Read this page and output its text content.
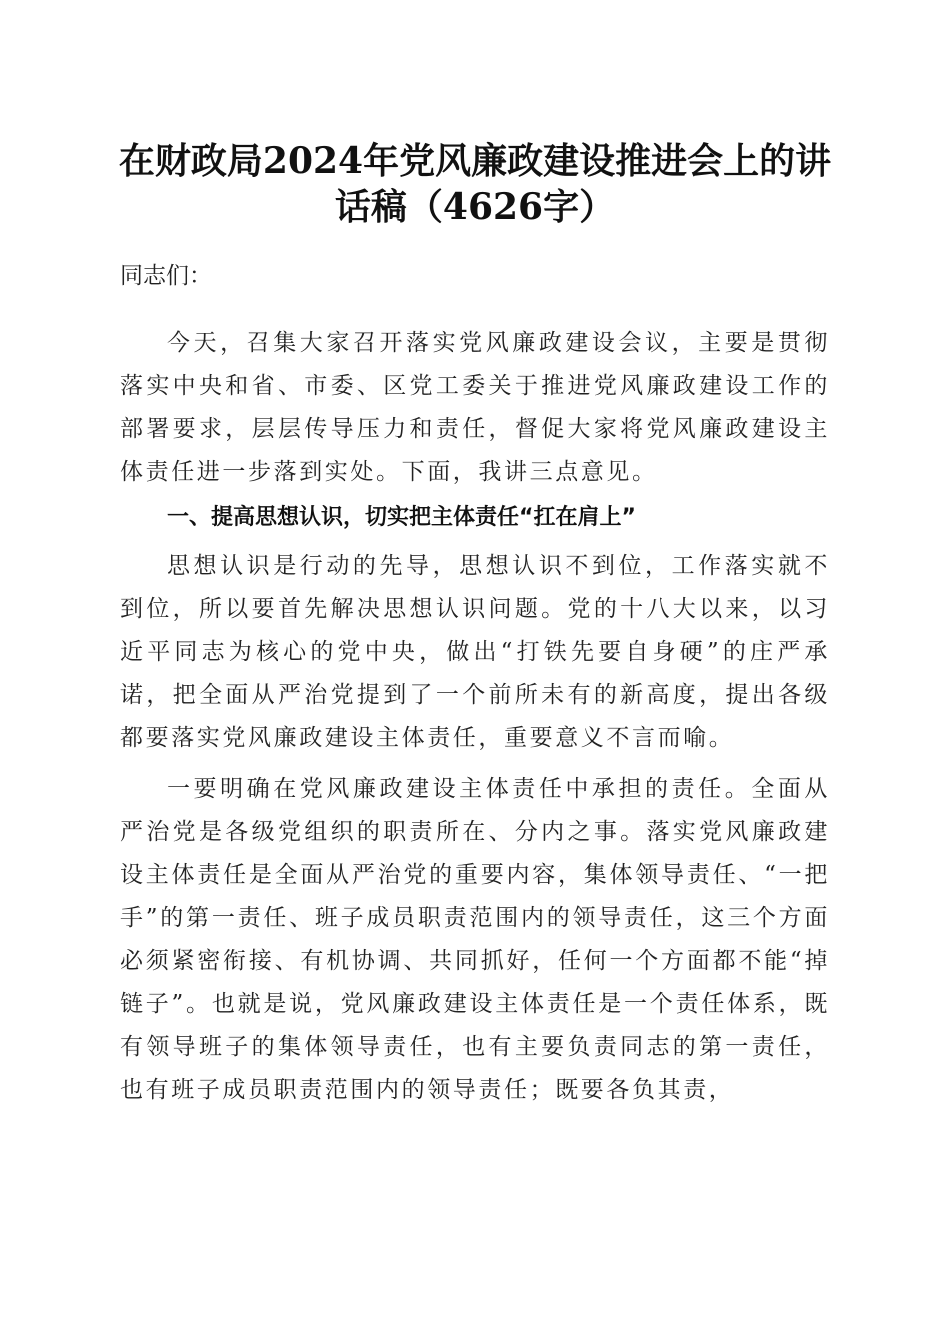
在财政局2024年党风廉政建设推进会上的讲
话稿（4626字）
同志们：

今天，召集大家召开落实党风廉政建设会议，主要是贯彻落实中央和省、市委、区党工委关于推进党风廉政建设工作的部署要求，层层传导压力和责任，督促大家将党风廉政建设主体责任进一步落到实处。下面，我讲三点意见。

一、提高思想认识，切实把主体责任“扛在肩上”

思想认识是行动的先导，思想认识不到位，工作落实就不到位，所以要首先解决思想认识问题。党的十八大以来，以习近平同志为核心的党中央，做出“打铁先要自身硬”的庄严承诺，把全面从严治党提到了一个前所未有的新高度，提出各级都要落实党风廉政建设主体责任，重要意义不言而喻。

一要明确在党风廉政建设主体责任中承担的责任。全面从严治党是各级党组织的职责所在、分内之事。落实党风廉政建设主体责任是全面从严治党的重要内容，集体领导责任、“一把手”的第一责任、班子成员职责范围内的领导责任，这三个方面必须紧密衔接、有机协调、共同抓好，任何一个方面都不能“掉链子”。也就是说，党风廉政建设主体责任是一个责任体系，既有领导班子的集体领导责任，也有主要负责同志的第一责任，也有班子成员职责范围内的领导责任；既要各负其责，
